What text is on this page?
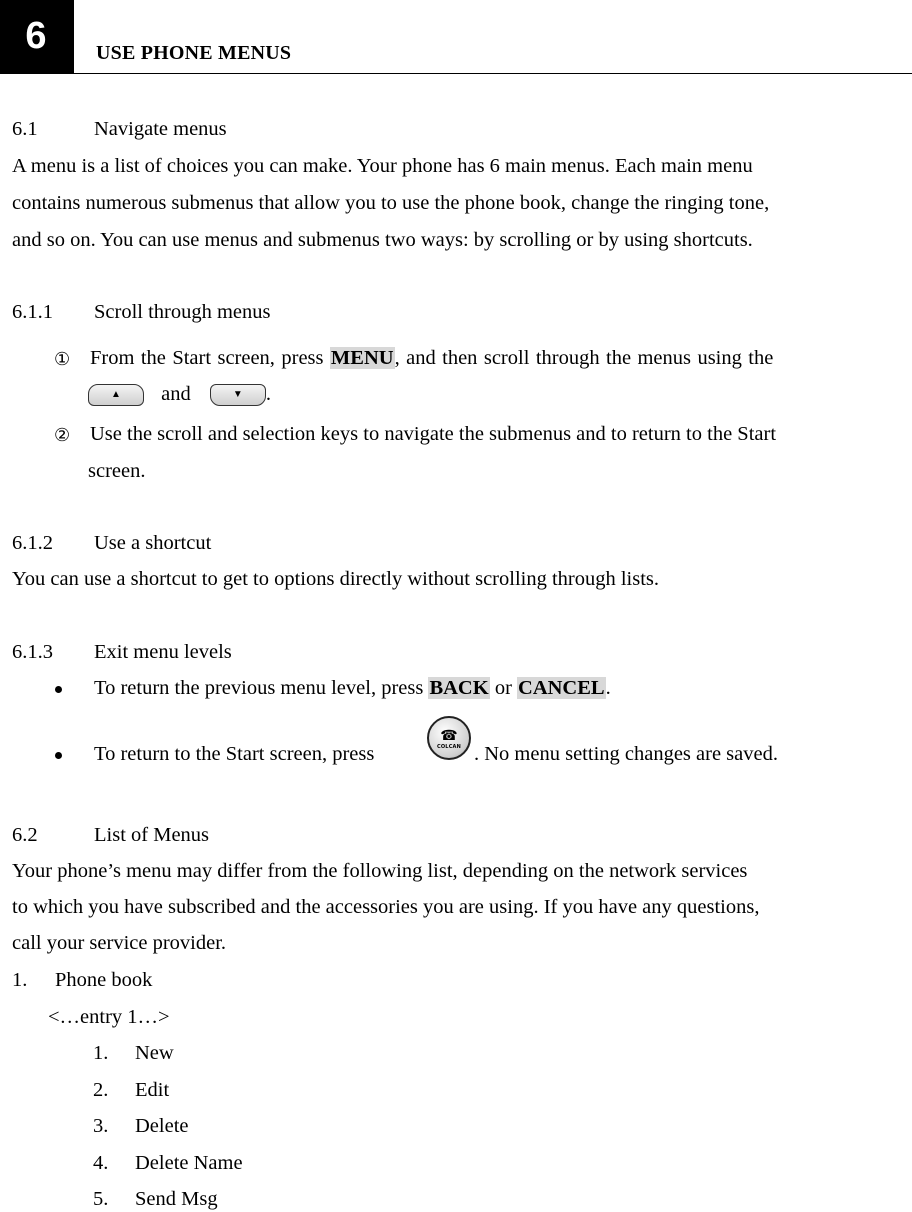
6 USE PHONE MENUS
6.1	Navigate menus
A menu is a list of choices you can make. Your phone has 6 main menus. Each main menu
contains numerous submenus that allow you to use the phone book, change the ringing tone,
and so on. You can use menus and submenus two ways: by scrolling or by using shortcuts.
6.1.1 Scroll through menus
① From the Start screen, press MENU, and then scroll through the menus using the
▲ and	▼ .
② Use the scroll and selection keys to navigate the submenus and to return to the Start
screen.
6.1.2 Use a shortcut
You can use a shortcut to get to options directly without scrolling through lists.
6.1.3 Exit menu levels
To return the previous menu level, press BACK or CANCEL.
To return to the Start screen, press
☎
COLCAN . No menu setting changes are saved.
6.2	List of Menus
Your phone’s menu may differ from the following list, depending on the network services
to which you have subscribed and the accessories you are using. If you have any questions,
call your service provider.
1. Phone book
<…entry 1…>
1. New
2. Edit
3. Delete
4. Delete Name
5. Send Msg
